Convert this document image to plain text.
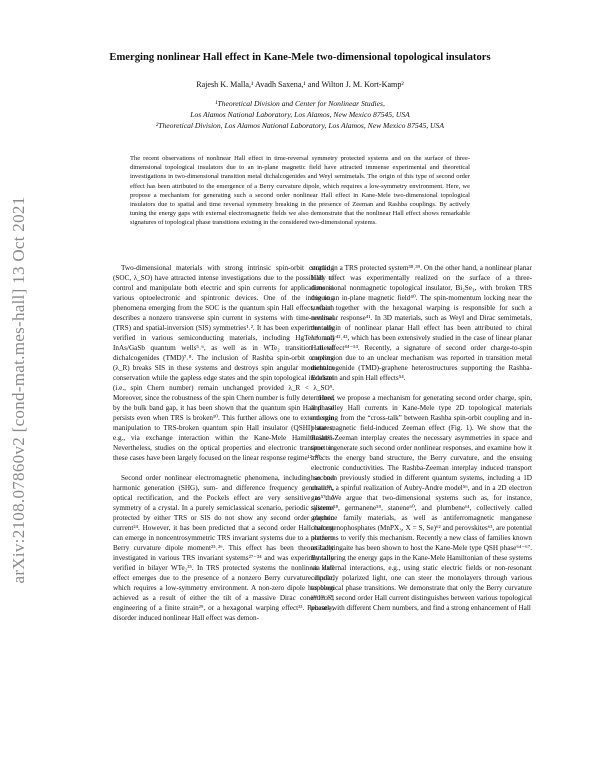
arXiv:2108.07860v2 [cond-mat.mes-hall] 13 Oct 2021
Emerging nonlinear Hall effect in Kane-Mele two-dimensional topological insulators
Rajesh K. Malla,¹ Avadh Saxena,¹ and Wilton J. M. Kort-Kamp²
¹Theoretical Division and Center for Nonlinear Studies,
Los Alamos National Laboratory, Los Alamos, New Mexico 87545, USA
²Theoretical Division, Los Alamos National Laboratory, Los Alamos, New Mexico 87545, USA

The recent observations of nonlinear Hall effect in time-reversal symmetry protected systems and on the surface of three-dimensional topological insulators due to an in-plane magnetic field have attracted immense experimental and theoretical investigations in two-dimensional transition metal dichalcogenides and Weyl semimetals. The origin of this type of second order effect has been attributed to the emergence of a Berry curvature dipole, which requires a low-symmetry environment. Here, we propose a mechanism for generating such a second order nonlinear Hall effect in Kane-Mele two-dimensional topological insulators due to spatial and time reversal symmetry breaking in the presence of Zeeman and Rashba couplings. By actively tuning the energy gaps with external electromagnetic fields we also demonstrate that the nonlinear Hall effect shows remarkable signatures of topological phase transitions existing in the considered two-dimensional systems.

Two-dimensional materials with strong intrinsic spin-orbit coupling (SOC, λ_SO) have attracted intense investigations due to the possibility to control and manipulate both electric and spin currents for applications in various optoelectronic and spintronic devices. One of the intriguing phenomena emerging from the SOC is the quantum spin Hall effect, which describes a nonzero transverse spin current in systems with time-reversal (TRS) and spatial-inversion (SIS) symmetries¹˒². It has been experimentally verified in various semiconducting materials, including HgTe³˒⁴ and InAs/GaSb quantum wells⁵˒⁶, as well as in WTe₂ transition metal dichalcogenides (TMD)⁷˒⁸. The inclusion of Rashba spin-orbit coupling (λ_R) breaks SIS in these systems and destroys spin angular momentum conservation while the gapless edge states and the spin topological invariant (i.e., spin Chern number) remain unchanged provided λ_R < λ_SO⁹. Moreover, since the robustness of the spin Chern number is fully determined by the bulk band gap, it has been shown that the quantum spin Hall phase persists even when TRS is broken¹⁰. This further allows one to extend spin manipulation to TRS-broken quantum spin Hall insulator (QSHI) states, e.g., via exchange interaction within the Kane-Mele Hamiltonian¹¹. Nevertheless, studies on the optical properties and electronic transport in these cases have been largely focused on the linear response regime¹²⁻¹⁷.

Second order nonlinear electromagnetic phenomena, including second harmonic generation (SHG), sum- and difference frequency generation, optical rectification, and the Pockels effect are very sensitive to the symmetry of a crystal. In a purely semiclassical scenario, periodic systems protected by either TRS or SIS do not show any second order electric current²⁴. However, it has been predicted that a second order Hall current can emerge in noncentrosymmetric TRS invariant systems due to a nonzero Berry curvature dipole moment²⁵˒²⁶. This effect has been theoretically investigated in various TRS invariant systems²⁷⁻³⁴ and was experimentally verified in bilayer WTe₂³⁵. In TRS protected systems the nonlinear Hall effect emerges due to the presence of a nonzero Berry curvature dipole, which requires a low-symmetry environment. A non-zero dipole has been achieved as a result of either the tilt of a massive Dirac cone²⁶˒³⁶˒³⁷, engineering of a finite strain²⁹, or a hexagonal warping effect³³. Recently, disorder induced nonlinear Hall effect was demon-

strated in a TRS protected system³⁸˒³⁹. On the other hand, a nonlinear planar Hall effect was experimentally realized on the surface of a three-dimensional nonmagnetic topological insulator, Bi₂Se₃, with broken TRS due to an in-plane magnetic field⁴⁰. The spin-momentum locking near the surface together with the hexagonal warping is responsible for such a nonlinear response⁴¹. In 3D materials, such as Weyl and Dirac semimetals, the origin of nonlinear planar Hall effect has been attributed to chiral anomaly⁴²˒⁴³, which has been extensively studied in the case of linear planar Hall effect⁴⁴⁻⁵³. Recently, a signature of second order charge-to-spin conversion due to an unclear mechanism was reported in transition metal dichalcogenide (TMD)-graphene heterostructures supporting the Rashba-Edelstein and spin Hall effects⁵⁴.

Here, we propose a mechanism for generating second order charge, spin, and valley Hall currents in Kane-Mele type 2D topological materials emerging from the “cross-talk” between Rashba spin-orbit coupling and in-plane magnetic field-induced Zeeman effect (Fig. 1). We show that the Rashba-Zeeman interplay creates the necessary asymmetries in space and time to generate such second order nonlinear responses, and examine how it affects the energy band structure, the Berry curvature, and the ensuing electronic conductivities. The Rashba-Zeeman interplay induced transport has been previously studied in different quantum systems, including a 1D chain⁵⁵, a spinful realization of Aubry-Andre model⁵⁶, and in a 2D electron gas⁵⁷. We argue that two-dimensional systems such as, for instance, silicene⁵⁸, germanene⁵⁹, stanene⁶⁰, and plumbene⁶¹, collectively called graphene family materials, as well as antiferromagnetic manganese chalcogenophosphates (MnPX₃, X = S, Se)⁶² and perovskites⁶³, are potential platforms to verify this mechanism. Recently a new class of families known as Jacutingaite has been shown to host the Kane-Mele type QSH phase⁶⁴⁻⁶⁷. By tailoring the energy gaps in the Kane-Mele Hamiltonian of these systems via external interactions, e.g., using static electric fields or non-resonant circularly polarized light, one can steer the monolayers through various topological phase transitions. We demonstrate that only the Berry curvature induced second order Hall current distinguishes between various topological phases with different Chern numbers, and find a strong enhancement of Hall
